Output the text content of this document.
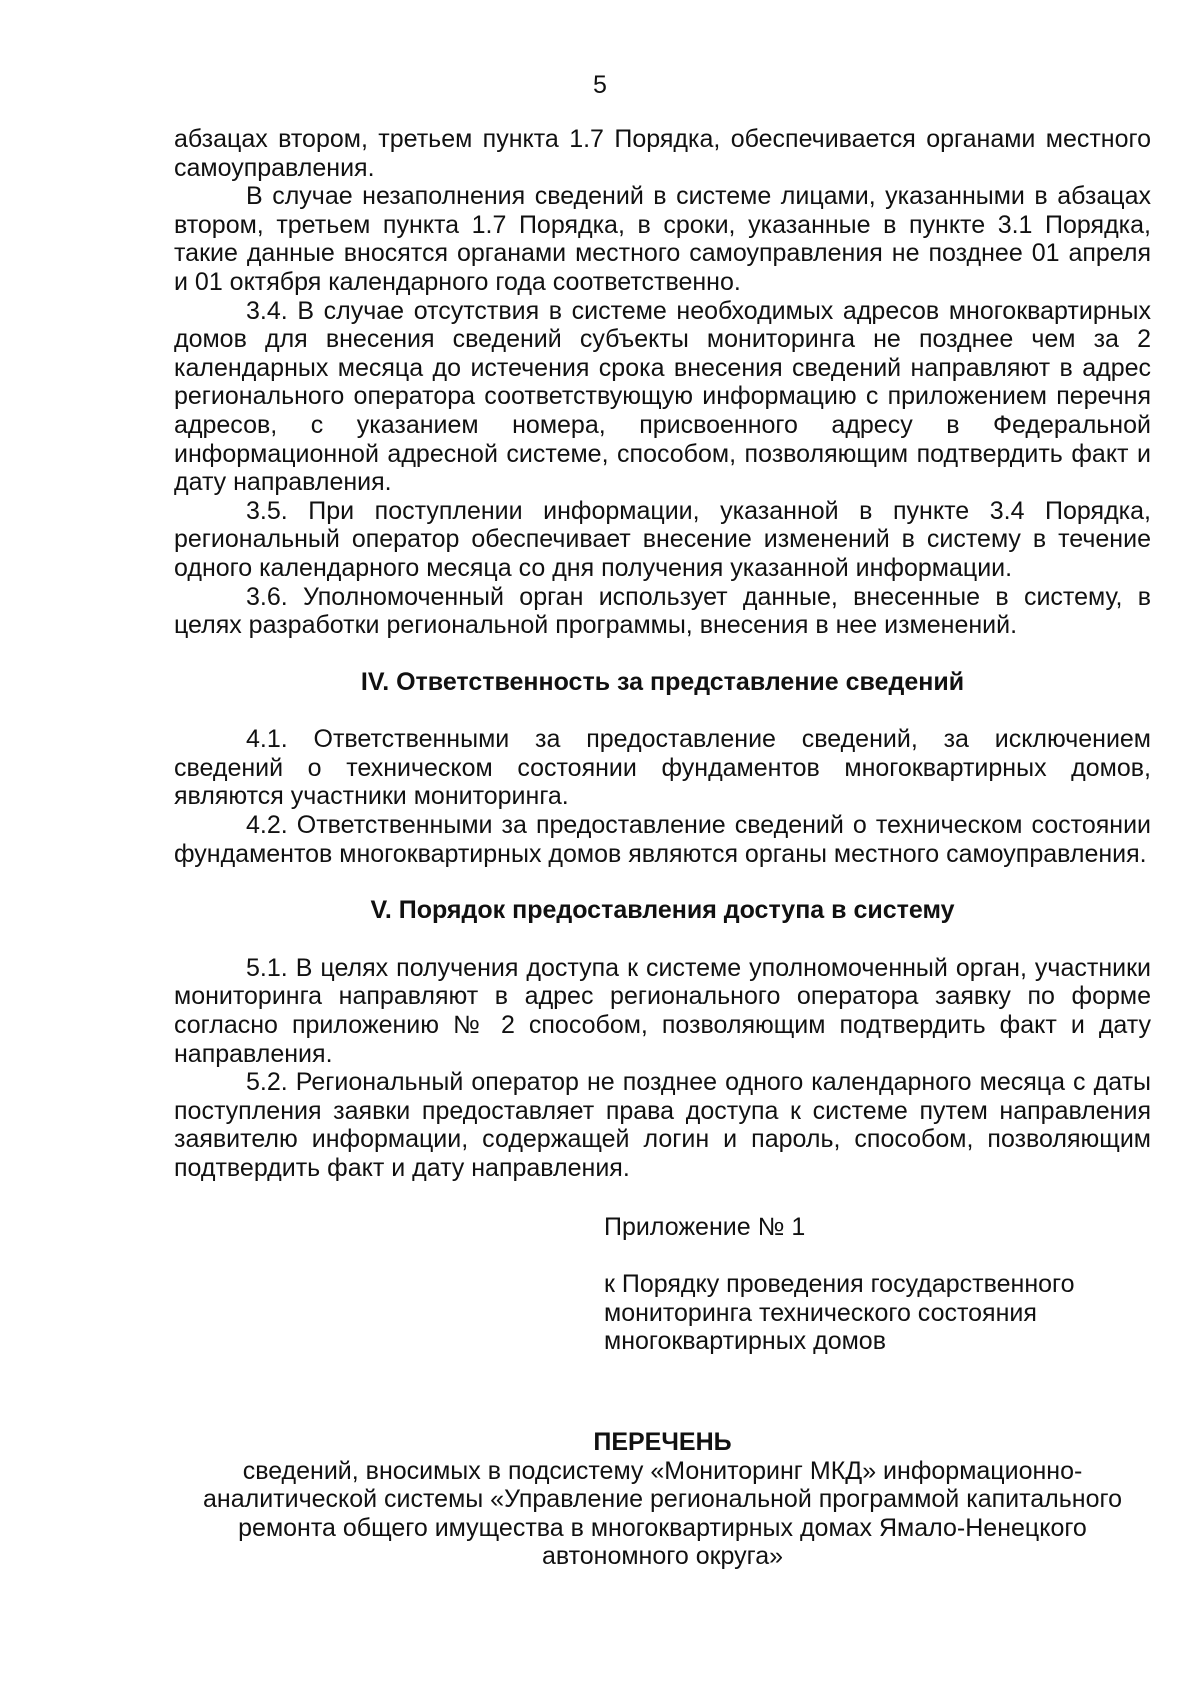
5

абзацах втором, третьем пункта 1.7 Порядка, обеспечивается органами местного самоуправления.

В случае незаполнения сведений в системе лицами, указанными в абзацах втором, третьем пункта 1.7 Порядка, в сроки, указанные в пункте 3.1 Порядка, такие данные вносятся органами местного самоуправления не позднее 01 апреля и 01 октября календарного года соответственно.

3.4. В случае отсутствия в системе необходимых адресов многоквартирных домов для внесения сведений субъекты мониторинга не позднее чем за 2 календарных месяца до истечения срока внесения сведений направляют в адрес регионального оператора соответствующую информацию с приложением перечня адресов, с указанием номера, присвоенного адресу в Федеральной информационной адресной системе, способом, позволяющим подтвердить факт и дату направления.

3.5. При поступлении информации, указанной в пункте 3.4 Порядка, региональный оператор обеспечивает внесение изменений в систему в течение одного календарного месяца со дня получения указанной информации.

3.6. Уполномоченный орган использует данные, внесенные в систему, в целях разработки региональной программы, внесения в нее изменений.

IV. Ответственность за представление сведений

4.1. Ответственными за предоставление сведений, за исключением сведений о техническом состоянии фундаментов многоквартирных домов, являются участники мониторинга.

4.2. Ответственными за предоставление сведений о техническом состоянии фундаментов многоквартирных домов являются органы местного самоуправления.

V. Порядок предоставления доступа в систему

5.1. В целях получения доступа к системе уполномоченный орган, участники мониторинга направляют в адрес регионального оператора заявку по форме согласно приложению № 2 способом, позволяющим подтвердить факт и дату направления.

5.2. Региональный оператор не позднее одного календарного месяца с даты поступления заявки предоставляет права доступа к системе путем направления заявителю информации, содержащей логин и пароль, способом, позволяющим подтвердить факт и дату направления.

Приложение № 1
к Порядку проведения государственного
мониторинга технического состояния
многоквартирных домов
ПЕРЕЧЕНЬ
сведений, вносимых в подсистему «Мониторинг МКД» информационно-
аналитической системы «Управление региональной программой капитального
ремонта общего имущества в многоквартирных домах Ямало-Ненецкого
автономного округа»
